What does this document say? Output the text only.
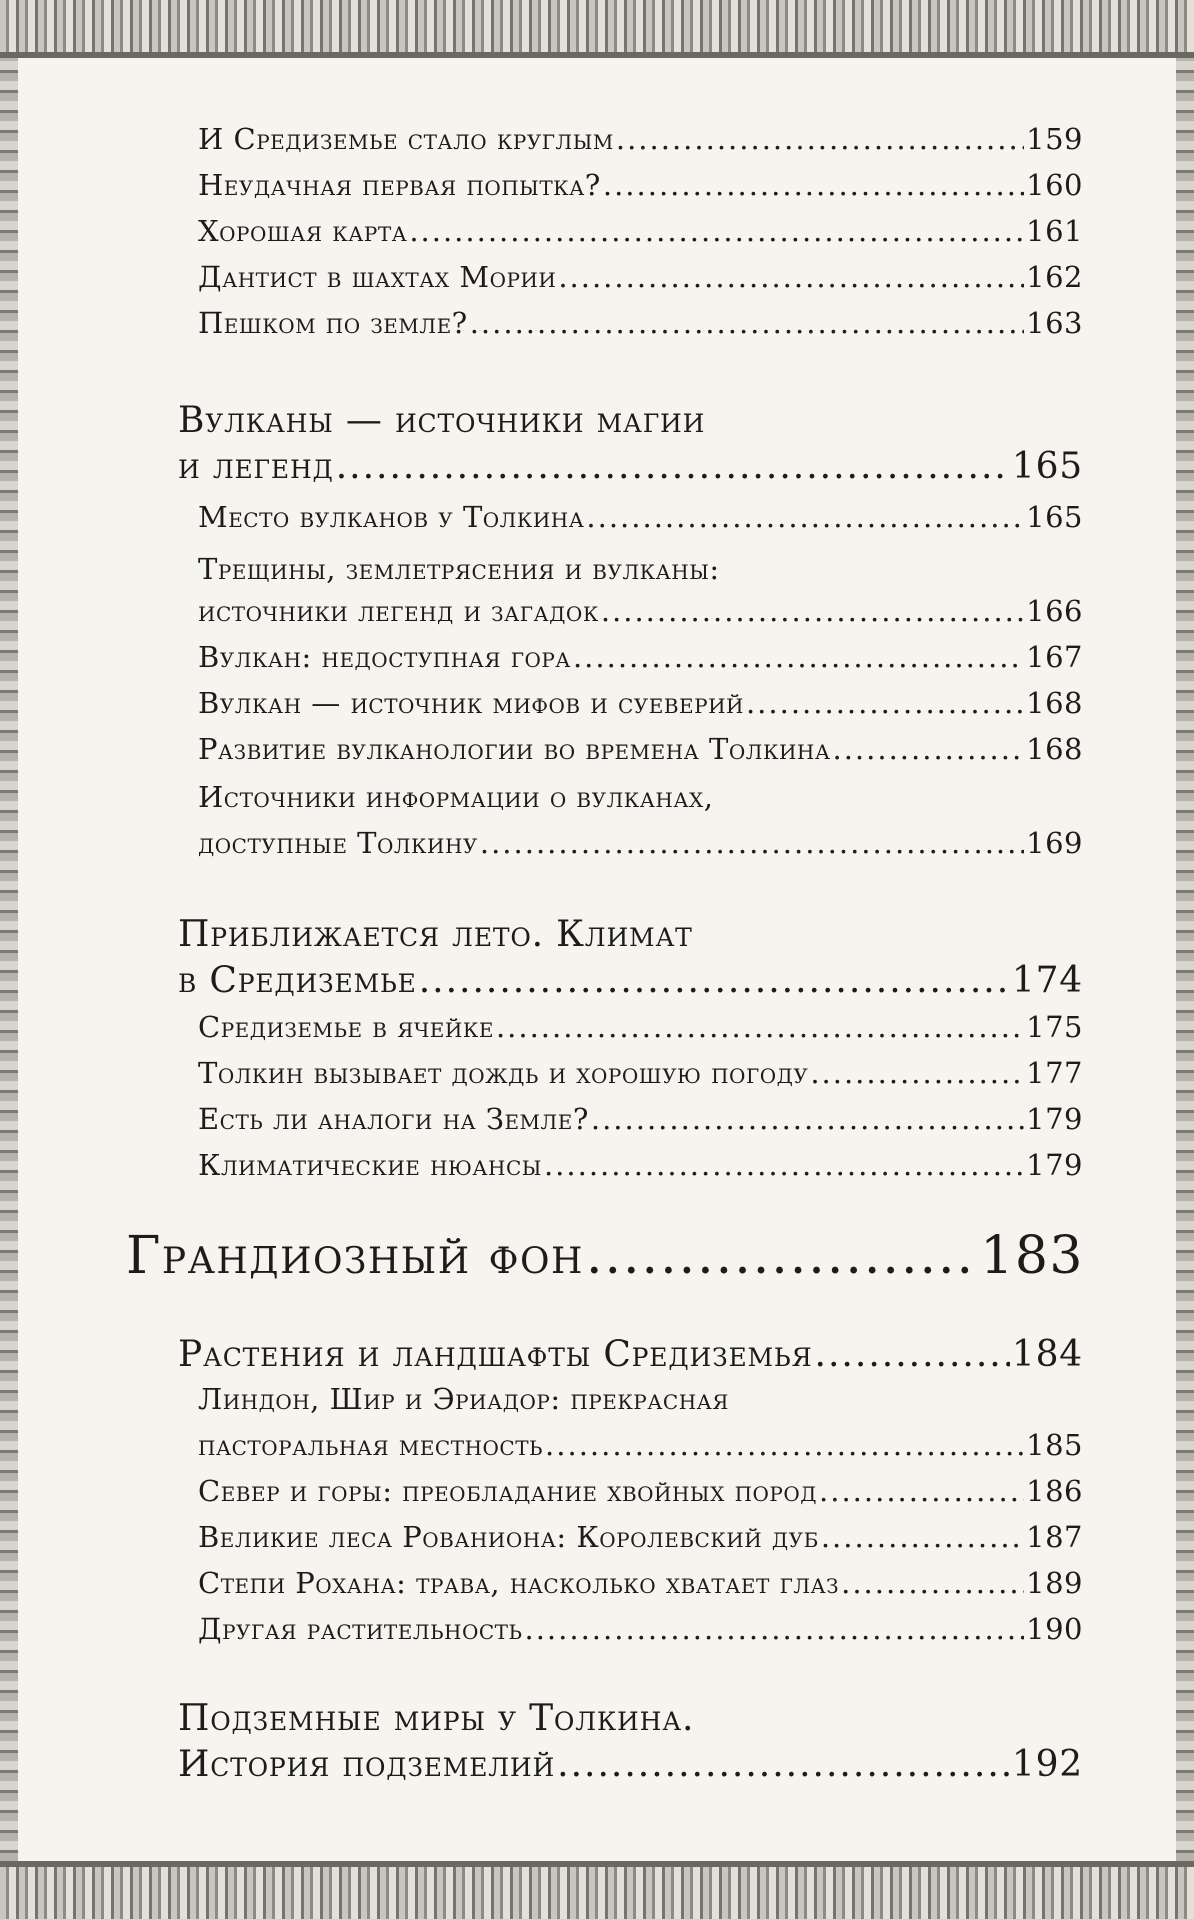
И Средиземье стало круглым .....	159
Неудачная первая попытка? .....	160
Хорошая карта .....	161
Дантист в шахтах Мории .....	162
Пешком по земле? .....	163
Вулканы — источники магии
и легенд .....	165
Место вулканов у Толкина .....	165
Трещины, землетрясения и вулканы:
источники легенд и загадок .....	166
Вулкан: недоступная гора .....	167
Вулкан — источник мифов и суеверий .....	168
Развитие вулканологии во времена Толкина .....	168
Источники информации о вулканах,
доступные Толкину .....	169
Приближается лето. Климат
в Средиземье .....	174
Средиземье в ячейке .....	175
Толкин вызывает дождь и хорошую погоду .....	177
Есть ли аналоги на Земле? .....	179
Климатические нюансы .....	179
Грандиозный фон .....	183
Растения и ландшафты Средиземья .....	184
Линдон, Шир и Эриадор: прекрасная
пасторальная местность .....	185
Север и горы: преобладание хвойных пород .....	186
Великие леса Рованиона: Королевский дуб .....	187
Степи Рохана: трава, насколько хватает глаз .....	189
Другая растительность .....	190
Подземные миры у Толкина.
История подземелий .....	192
